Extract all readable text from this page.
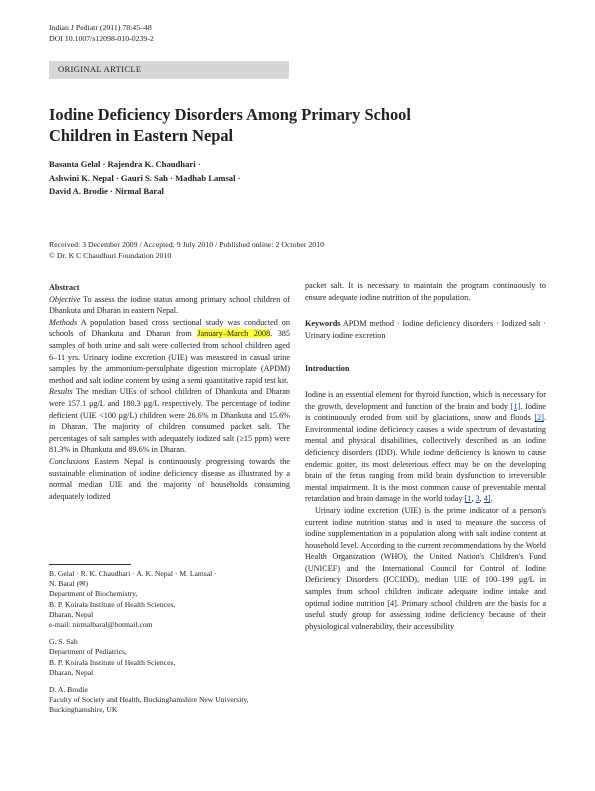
Indian J Pediatr (2011) 78:45–48
DOI 10.1007/s12098-010-0239-2
ORIGINAL ARTICLE
Iodine Deficiency Disorders Among Primary School
Children in Eastern Nepal
Basanta Gelal · Rajendra K. Chaudhari ·
Ashwini K. Nepal · Gauri S. Sah · Madhab Lamsal ·
David A. Brodie · Nirmal Baral
Received: 3 December 2009 / Accepted: 9 July 2010 / Published online: 2 October 2010
© Dr. K C Chaudhuri Foundation 2010

Abstract

Objective To assess the iodine status among primary school children of Dhankuta and Dharan in eastern Nepal.

Methods A population based cross sectional study was conducted on schools of Dhankuta and Dharan from January–March 2008. 385 samples of both urine and salt were collected from school children aged 6–11 yrs. Urinary iodine excretion (UIE) was measured in casual urine samples by the ammonium-persulphate digestion microplate (APDM) method and salt iodine content by using a semi quantitative rapid test kit.

Results The median UIEs of school children of Dhankuta and Dharan were 157.1 μg/L and 180.3 μg/L respectively. The percentage of iodine deficient (UIE <100 μg/L) children were 26.6% in Dhankuta and 15.6% in Dharan. The majority of children consumed packet salt. The percentages of salt samples with adequately iodized salt (≥15 ppm) were 81.3% in Dhankuta and 89.6% in Dharan.

Conclusions Eastern Nepal is continuously progressing towards the sustainable elimination of iodine deficiency disease as illustrated by a normal median UIE and the majority of households consuming adequately iodized

B. Gelal · R. K. Chaudhari · A. K. Nepal · M. Lamsal ·
N. Baral (✉)
Department of Biochemistry,
B. P. Koirala Institute of Health Sciences,
Dharan, Nepal
e-mail: nirmalbaral@hotmail.com
G. S. Sah
Department of Pediatrics,
B. P. Koirala Institute of Health Sciences,
Dharan, Nepal
D. A. Brodie
Faculty of Society and Health, Buckinghamshire New University,
Buckinghamshire, UK

packet salt. It is necessary to maintain the program continuously to ensure adequate iodine nutrition of the population.

Keywords APDM method · Iodine deficiency disorders · Iodized salt · Urinary iodine excretion

Introduction

Iodine is an essential element for thyroid function, which is necessary for the growth, development and function of the brain and body [1]. Iodine is continuously eroded from soil by glaciations, snow and floods [2]. Environmental iodine deficiency causes a wide spectrum of devastating mental and physical disabilities, collectively described as an iodine deficiency disorders (IDD). While iodine deficiency is known to cause endemic goiter, its most deleterious effect may be on the developing brain of the fetus ranging from mild brain dysfunction to irreversible mental impairment. It is the most common cause of preventable mental retardation and brain damage in the world today [1, 3, 4].

Urinary iodine excretion (UIE) is the prime indicator of a person's current iodine nutrition status and is used to measure the success of iodine supplementation in a population along with salt iodine content at household level. According to the current recommendations by the World Health Organization (WHO), the United Nation's Children's Fund (UNICEF) and the International Council for Control of Iodine Deficiency Disorders (ICCIDD), median UIE of 100–199 μg/L in samples from school children indicate adequate iodine intake and optimal iodine nutrition [4]. Primary school children are the basis for a useful study group for assessing iodine deficiency because of their physiological vulnerability, their accessibility
